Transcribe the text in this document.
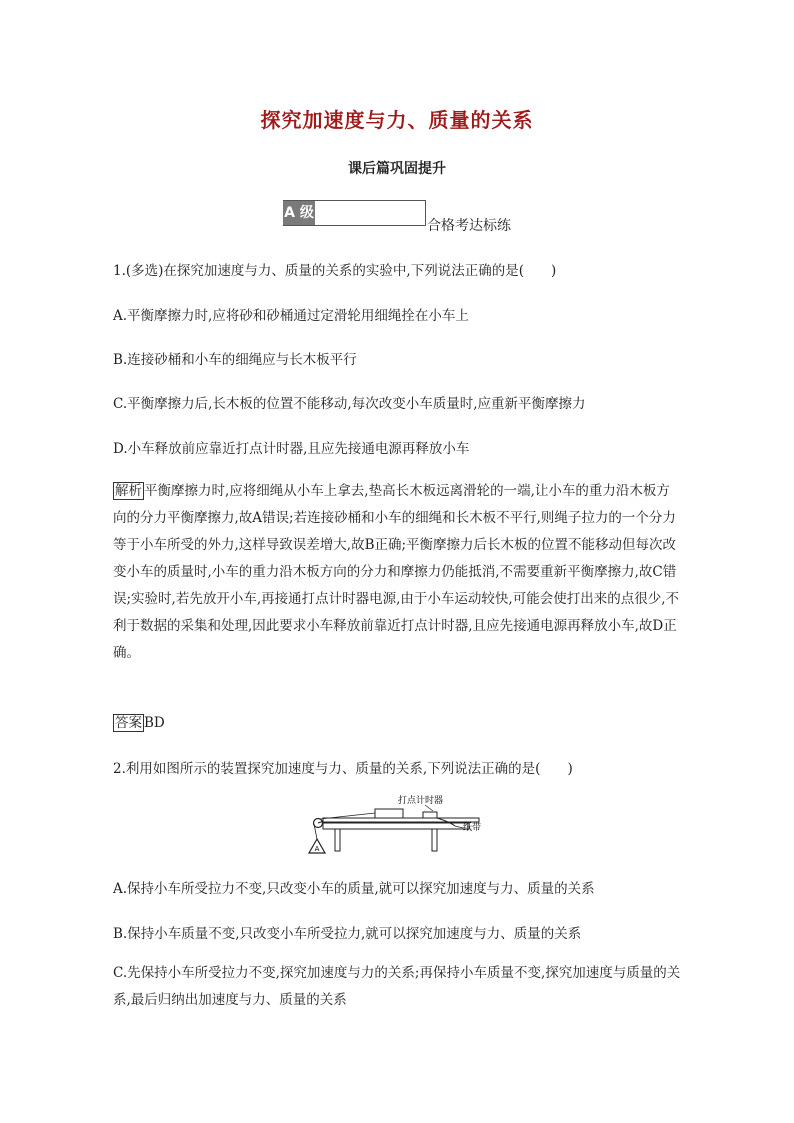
探究加速度与力、质量的关系
课后篇巩固提升
A 级
合格考达标练
1.(多选)在探究加速度与力、质量的关系的实验中,下列说法正确的是(　　)
A.平衡摩擦力时,应将砂和砂桶通过定滑轮用细绳拴在小车上
B.连接砂桶和小车的细绳应与长木板平行
C.平衡摩擦力后,长木板的位置不能移动,每次改变小车质量时,应重新平衡摩擦力
D.小车释放前应靠近打点计时器,且应先接通电源再释放小车
解析 平衡摩擦力时,应将细绳从小车上拿去,垫高长木板远离滑轮的一端,让小车的重力沿木板方向的分力平衡摩擦力,故A错误;若连接砂桶和小车的细绳和长木板不平行,则绳子拉力的一个分力等于小车所受的外力,这样导致误差增大,故B正确;平衡摩擦力后长木板的位置不能移动但每次改变小车的质量时,小车的重力沿木板方向的分力和摩擦力仍能抵消,不需要重新平衡摩擦力,故C错误;实验时,若先放开小车,再接通打点计时器电源,由于小车运动较快,可能会使打出来的点很少,不利于数据的采集和处理,因此要求小车释放前靠近打点计时器,且应先接通电源再释放小车,故D正确。
答案 BD
2.利用如图所示的装置探究加速度与力、质量的关系,下列说法正确的是(　　)
A
打点计时器
纸带
A.保持小车所受拉力不变,只改变小车的质量,就可以探究加速度与力、质量的关系
B.保持小车质量不变,只改变小车所受拉力,就可以探究加速度与力、质量的关系
C.先保持小车所受拉力不变,探究加速度与力的关系;再保持小车质量不变,探究加速度与质量的关系,最后归纳出加速度与力、质量的关系
